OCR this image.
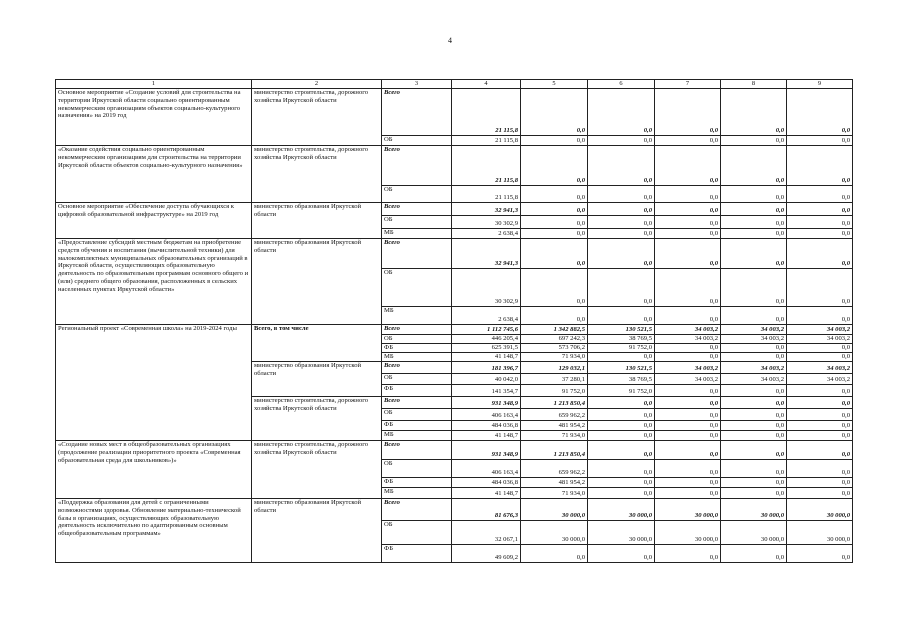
4
1	2	3	4	5	6	7	8	9
Основное мероприятие «Создание условий для строительства на территории Иркутской области социально ориентированным некоммерческим организациям объектов социально-культурного назначения» на 2019 год	министерство строительства, дорожного хозяйства Иркутской области	Всего	21 115,8	0,0	0,0	0,0	0,0	0,0
		ОБ	21 115,8	0,0	0,0	0,0	0,0	0,0
«Оказание содействия социально ориентированным некоммерческим организациям для строительства на территории Иркутской области объектов социально-культурного назначения»	министерство строительства, дорожного хозяйства Иркутской области	Всего	21 115,8	0,0	0,0	0,0	0,0	0,0
		ОБ	21 115,8	0,0	0,0	0,0	0,0	0,0
Основное мероприятие «Обеспечение доступа обучающихся к цифровой образовательной инфраструктуре» на 2019 год	министерство образования Иркутской области	Всего	32 941,3	0,0	0,0	0,0	0,0	0,0
		ОБ	30 302,9	0,0	0,0	0,0	0,0	0,0
		МБ	2 638,4	0,0	0,0	0,0	0,0	0,0
«Предоставление субсидий местным бюджетам на приобретение средств обучения и воспитания (вычислительной техники) для малокомплектных муниципальных образовательных организаций в Иркутской области, осуществляющих образовательную деятельность по образовательным программам основного общего и (или) среднего общего образования, расположенных в сельских населенных пунктах Иркутской области»	министерство образования Иркутской области	Всего	32 941,3	0,0	0,0	0,0	0,0	0,0
		ОБ	30 302,9	0,0	0,0	0,0	0,0	0,0
		МБ	2 638,4	0,0	0,0	0,0	0,0	0,0
Региональный проект «Современная школа» на 2019-2024 годы	Всего, в том числе	Всего	1 112 745,6	1 342 882,5	130 521,5	34 003,2	34 003,2	34 003,2
		ОБ	446 205,4	697 242,3	38 769,5	34 003,2	34 003,2	34 003,2
		ФБ	625 391,5	573 706,2	91 752,0	0,0	0,0	0,0
		МБ	41 148,7	71 934,0	0,0	0,0	0,0	0,0
	министерство образования Иркутской области	Всего	181 396,7	129 032,1	130 521,5	34 003,2	34 003,2	34 003,2
		ОБ	40 042,0	37 280,1	38 769,5	34 003,2	34 003,2	34 003,2
		ФБ	141 354,7	91 752,0	91 752,0	0,0	0,0	0,0
	министерство строительства, дорожного хозяйства Иркутской области	Всего	931 348,9	1 213 850,4	0,0	0,0	0,0	0,0
		ОБ	406 163,4	659 962,2	0,0	0,0	0,0	0,0
		ФБ	484 036,8	481 954,2	0,0	0,0	0,0	0,0
		МБ	41 148,7	71 934,0	0,0	0,0	0,0	0,0
«Создание новых мест в общеобразовательных организациях (продолжение реализации приоритетного проекта «Современная образовательная среда для школьников»)»	министерство строительства, дорожного хозяйства Иркутской области	Всего	931 348,9	1 213 850,4	0,0	0,0	0,0	0,0
		ОБ	406 163,4	659 962,2	0,0	0,0	0,0	0,0
		ФБ	484 036,8	481 954,2	0,0	0,0	0,0	0,0
		МБ	41 148,7	71 934,0	0,0	0,0	0,0	0,0
«Поддержка образования для детей с ограниченными возможностями здоровья. Обновление материально-технической базы в организациях, осуществляющих образовательную деятельность исключительно по адаптированным основным общеобразовательным программам»	министерство образования Иркутской области	Всего	81 676,3	30 000,0	30 000,0	30 000,0	30 000,0	30 000,0
		ОБ	32 067,1	30 000,0	30 000,0	30 000,0	30 000,0	30 000,0
		ФБ	49 609,2	0,0	0,0	0,0	0,0	0,0
